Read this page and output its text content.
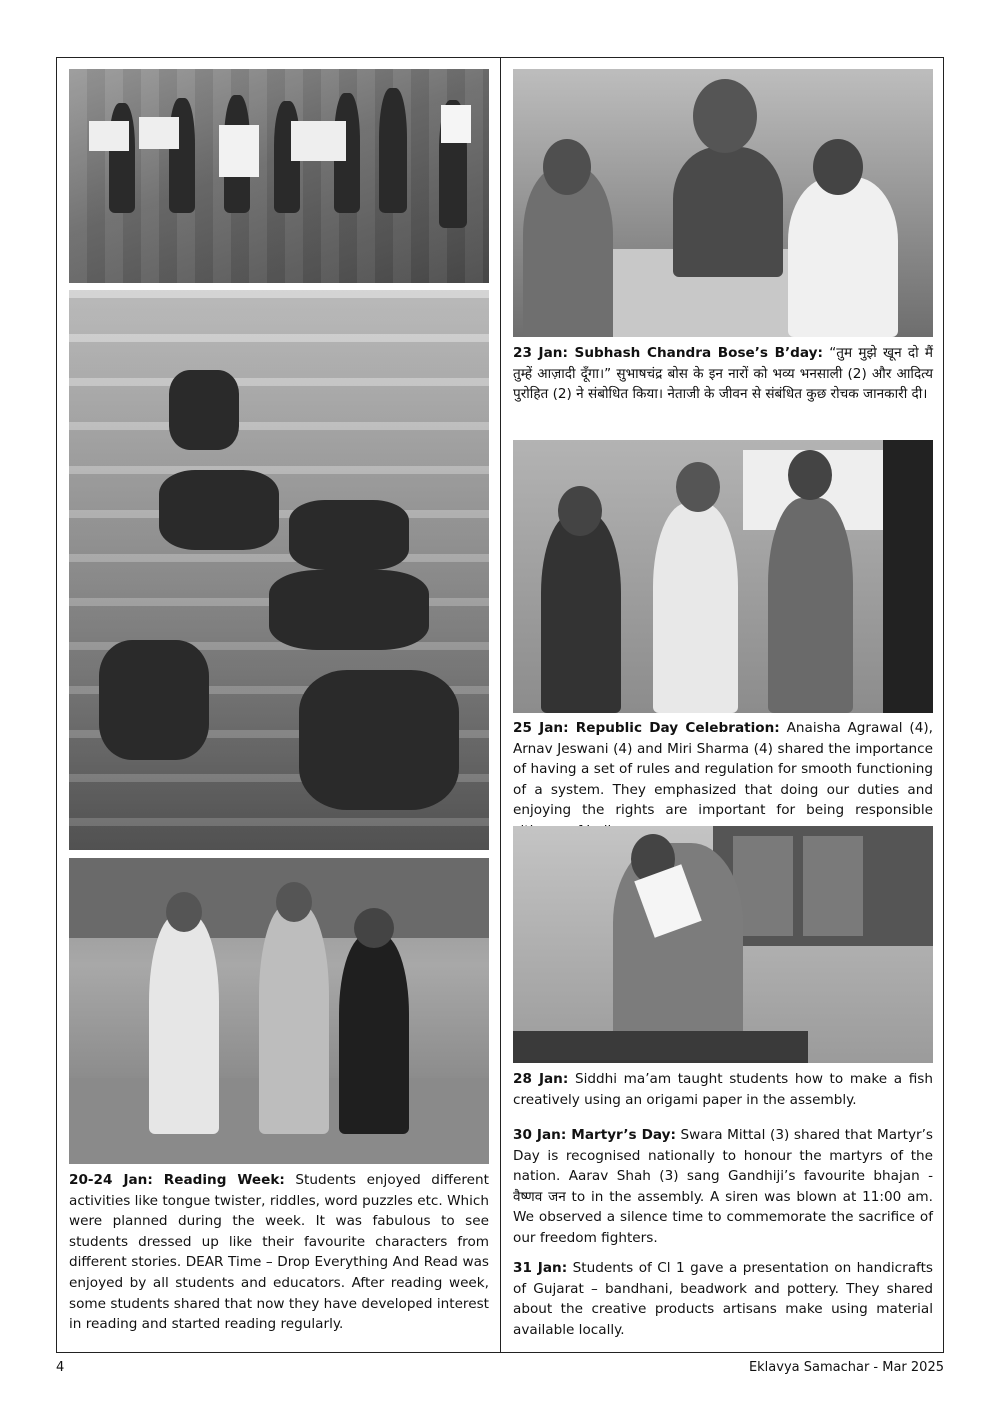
20-24 Jan: Reading Week: Students enjoyed different activities like tongue twister, riddles, word puzzles etc. Which were planned during the week. It was fabulous to see students dressed up like their favourite characters from different stories. DEAR Time – Drop Everything And Read was enjoyed by all students and educators. After reading week, some students shared that now they have developed interest in reading and started reading regularly.
23 Jan: Subhash Chandra Bose’s B’day: “तुम मुझे खून दो मैं तुम्हें आज़ादी दूँगा।” सुभाषचंद्र बोस के इन नारों को भव्य भनसाली (2) और आदित्य पुरोहित (2) ने संबोधित किया। नेताजी के जीवन से संबंधित कुछ रोचक जानकारी दी।
25 Jan: Republic Day Celebration: Anaisha Agrawal (4), Arnav Jeswani (4) and Miri Sharma (4) shared the importance of having a set of rules and regulation for smooth functioning of a system. They emphasized that doing our duties and enjoying the rights are important for being responsible
28 Jan: Siddhi ma’am taught students how to make a fish creatively using an origami paper in the assembly.
30 Jan: Martyr’s Day: Swara Mittal (3) shared that Martyr’s Day is recognised nationally to honour the martyrs of the nation. Aarav Shah (3) sang Gandhiji’s favourite bhajan - वैष्णव जन to in the assembly. A siren was blown at 11:00 am. We observed a silence time to commemorate the sacrifice of our freedom fighters.
31 Jan: Students of Cl 1 gave a presentation on handicrafts of Gujarat – bandhani, beadwork and pottery. They shared about the creative products artisans make using material available locally.
4	Eklavya Samachar - Mar 2025
